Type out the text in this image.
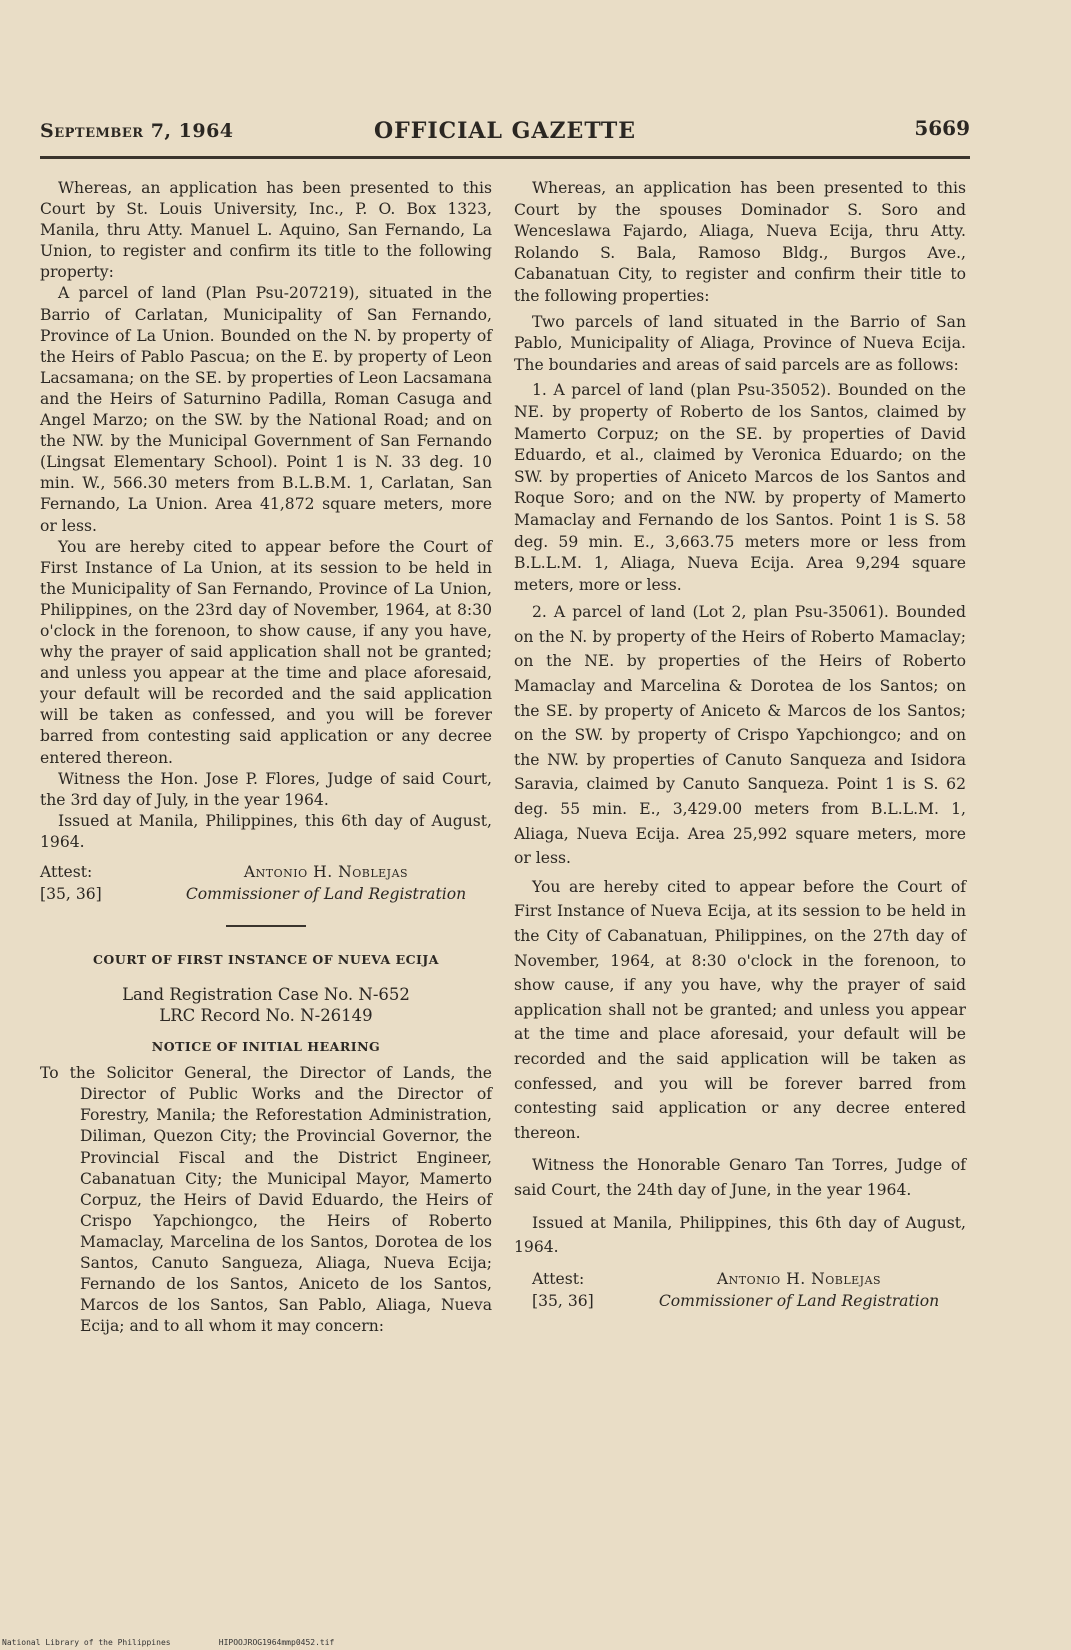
September 7, 1964	OFFICIAL GAZETTE	5669

Whereas, an application has been presented to this Court by St. Louis University, Inc., P. O. Box 1323, Manila, thru Atty. Manuel L. Aquino, San Fernando, La Union, to register and confirm its title to the following property:

A parcel of land (Plan Psu-207219), situated in the Barrio of Carlatan, Municipality of San Fernando, Province of La Union. Bounded on the N. by property of the Heirs of Pablo Pascua; on the E. by property of Leon Lacsamana; on the SE. by properties of Leon Lacsamana and the Heirs of Saturnino Padilla, Roman Casuga and Angel Marzo; on the SW. by the National Road; and on the NW. by the Municipal Government of San Fernando (Lingsat Elementary School). Point 1 is N. 33 deg. 10 min. W., 566.30 meters from B.L.B.M. 1, Carlatan, San Fernando, La Union. Area 41,872 square meters, more or less.

You are hereby cited to appear before the Court of First Instance of La Union, at its session to be held in the Municipality of San Fernando, Province of La Union, Philippines, on the 23rd day of November, 1964, at 8:30 o'clock in the forenoon, to show cause, if any you have, why the prayer of said application shall not be granted; and unless you appear at the time and place aforesaid, your default will be recorded and the said application will be taken as confessed, and you will be forever barred from contesting said application or any decree entered thereon.

Witness the Hon. Jose P. Flores, Judge of said Court, the 3rd day of July, in the year 1964.

Issued at Manila, Philippines, this 6th day of August, 1964.

Attest:
[35, 36]
Antonio H. Noblejas
Commissioner of Land Registration
COURT OF FIRST INSTANCE OF NUEVA ECIJA
Land Registration Case No. N-652
LRC Record No. N-26149
NOTICE OF INITIAL HEARING

To the Solicitor General, the Director of Lands, the Director of Public Works and the Director of Forestry, Manila; the Reforestation Administration, Diliman, Quezon City; the Provincial Governor, the Provincial Fiscal and the District Engineer, Cabanatuan City; the Municipal Mayor, Mamerto Corpuz, the Heirs of David Eduardo, the Heirs of Crispo Yapchiongco, the Heirs of Roberto Mamaclay, Marcelina de los Santos, Dorotea de los Santos, Canuto Sangueza, Aliaga, Nueva Ecija; Fernando de los Santos, Aniceto de los Santos, Marcos de los Santos, San Pablo, Aliaga, Nueva Ecija; and to all whom it may concern:

Whereas, an application has been presented to this Court by the spouses Dominador S. Soro and Wenceslawa Fajardo, Aliaga, Nueva Ecija, thru Atty. Rolando S. Bala, Ramoso Bldg., Burgos Ave., Cabanatuan City, to register and confirm their title to the following properties:

Two parcels of land situated in the Barrio of San Pablo, Municipality of Aliaga, Province of Nueva Ecija. The boundaries and areas of said parcels are as follows:

1. A parcel of land (plan Psu-35052). Bounded on the NE. by property of Roberto de los Santos, claimed by Mamerto Corpuz; on the SE. by properties of David Eduardo, et al., claimed by Veronica Eduardo; on the SW. by properties of Aniceto Marcos de los Santos and Roque Soro; and on the NW. by property of Mamerto Mamaclay and Fernando de los Santos. Point 1 is S. 58 deg. 59 min. E., 3,663.75 meters more or less from B.L.L.M. 1, Aliaga, Nueva Ecija. Area 9,294 square meters, more or less.

2. A parcel of land (Lot 2, plan Psu-35061). Bounded on the N. by property of the Heirs of Roberto Mamaclay; on the NE. by properties of the Heirs of Roberto Mamaclay and Marcelina & Dorotea de los Santos; on the SE. by property of Aniceto & Marcos de los Santos; on the SW. by property of Crispo Yapchiongco; and on the NW. by properties of Canuto Sanqueza and Isidora Saravia, claimed by Canuto Sanqueza. Point 1 is S. 62 deg. 55 min. E., 3,429.00 meters from B.L.L.M. 1, Aliaga, Nueva Ecija. Area 25,992 square meters, more or less.

You are hereby cited to appear before the Court of First Instance of Nueva Ecija, at its session to be held in the City of Cabanatuan, Philippines, on the 27th day of November, 1964, at 8:30 o'clock in the forenoon, to show cause, if any you have, why the prayer of said application shall not be granted; and unless you appear at the time and place aforesaid, your default will be recorded and the said application will be taken as confessed, and you will be forever barred from contesting said application or any decree entered thereon.

Witness the Honorable Genaro Tan Torres, Judge of said Court, the 24th day of June, in the year 1964.

Issued at Manila, Philippines, this 6th day of August, 1964.

Attest:
[35, 36]
Antonio H. Noblejas
Commissioner of Land Registration
National Library of the Philippines	HIPOOJROG1964mmp0452.tif
